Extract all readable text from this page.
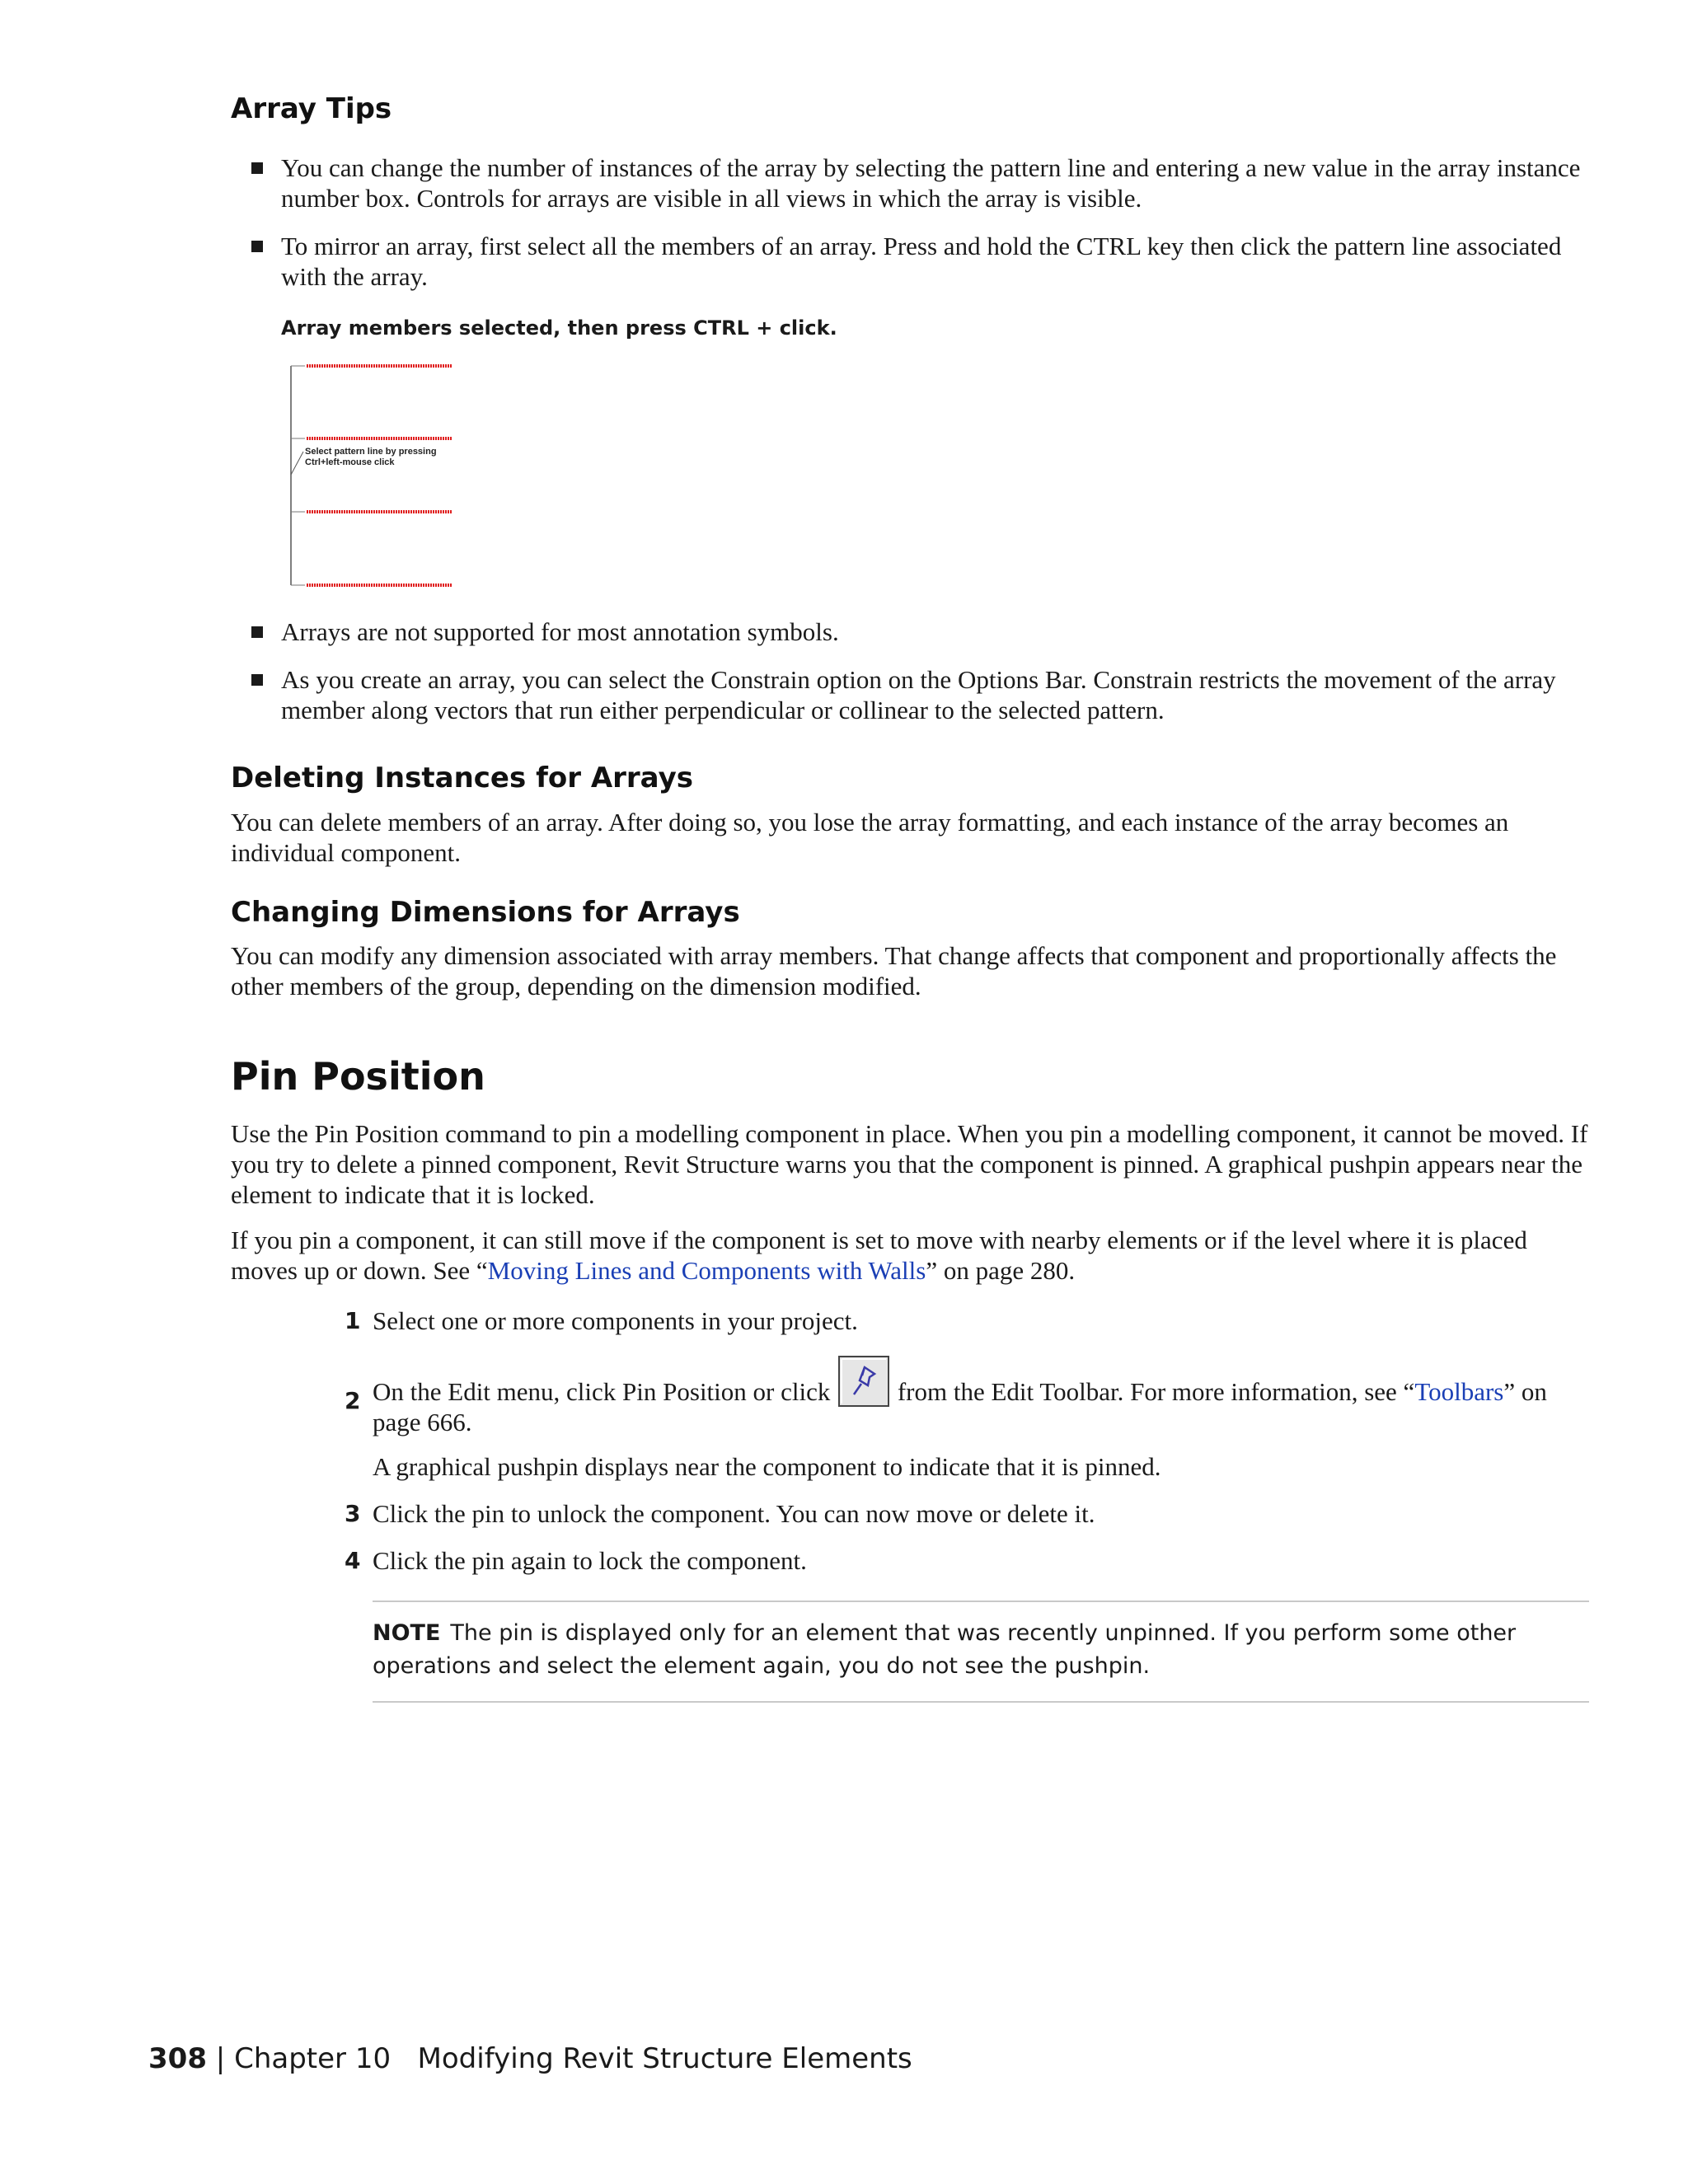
Array Tips
You can change the number of instances of the array by selecting the pattern line and entering a new value in the array instance number box. Controls for arrays are visible in all views in which the array is visible.
To mirror an array, first select all the members of an array. Press and hold the CTRL key then click the pattern line associated with the array.
Array members selected, then press CTRL + click.
Select pattern line by pressing
Ctrl+left-mouse click
Arrays are not supported for most annotation symbols.
As you create an array, you can select the Constrain option on the Options Bar. Constrain restricts the movement of the array member along vectors that run either perpendicular or collinear to the selected pattern.
Deleting Instances for Arrays

You can delete members of an array. After doing so, you lose the array formatting, and each instance of the array becomes an individual component.

Changing Dimensions for Arrays

You can modify any dimension associated with array members. That change affects that component and proportionally affects the other members of the group, depending on the dimension modified.

Pin Position

Use the Pin Position command to pin a modelling component in place. When you pin a modelling component, it cannot be moved. If you try to delete a pinned component, Revit Structure warns you that the component is pinned. A graphical pushpin appears near the element to indicate that it is locked.

If you pin a component, it can still move if the component is set to move with nearby elements or if the level where it is placed moves up or down. See “Moving Lines and Components with Walls” on page 280.

1 Select one or more components in your project.
2 On the Edit menu, click Pin Position or click	from the Edit Toolbar. For more information, see “Toolbars” on page 666.
A graphical pushpin displays near the component to indicate that it is pinned.
3 Click the pin to unlock the component. You can now move or delete it.
4 Click the pin again to lock the component.
NOTE The pin is displayed only for an element that was recently unpinned. If you perform some other operations and select the element again, you do not see the pushpin.
308 | Chapter 10 Modifying Revit Structure Elements
